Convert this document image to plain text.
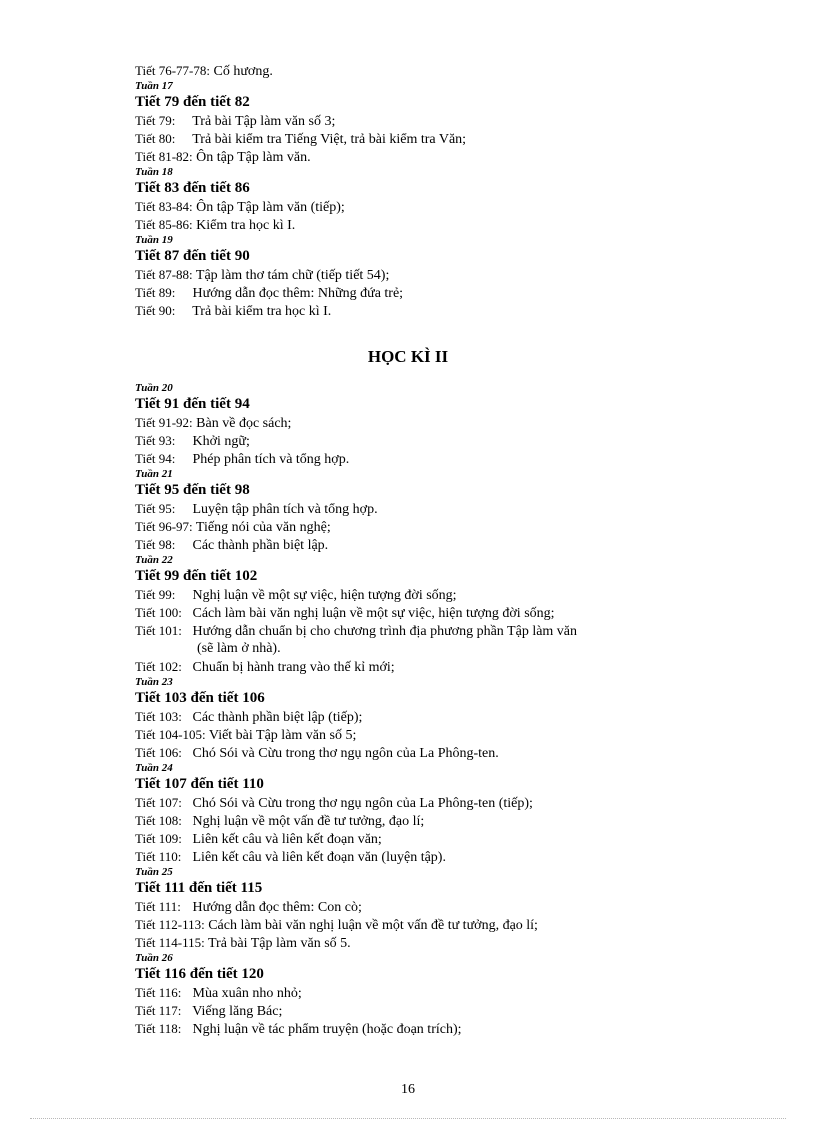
Tiết 76-77-78: Cố hương.
Tuần 17
Tiết 79 đến tiết 82
Tiết 79: Trả bài Tập làm văn số 3;
Tiết 80: Trả bài kiểm tra Tiếng Việt, trả bài kiểm tra Văn;
Tiết 81-82: Ôn tập Tập làm văn.
Tuần 18
Tiết 83 đến tiết 86
Tiết 83-84: Ôn tập Tập làm văn (tiếp);
Tiết 85-86: Kiểm tra học kì I.
Tuần 19
Tiết 87 đến tiết 90
Tiết 87-88: Tập làm thơ tám chữ (tiếp tiết 54);
Tiết 89: Hướng dẫn đọc thêm: Những đứa trẻ;
Tiết 90: Trả bài kiểm tra học kì I.
HỌC KÌ II
Tuần 20
Tiết 91 đến tiết 94
Tiết 91-92: Bàn về đọc sách;
Tiết 93: Khởi ngữ;
Tiết 94: Phép phân tích và tổng hợp.
Tuần 21
Tiết 95 đến tiết 98
Tiết 95: Luyện tập phân tích và tổng hợp.
Tiết 96-97: Tiếng nói của văn nghệ;
Tiết 98: Các thành phần biệt lập.
Tuần 22
Tiết 99 đến tiết 102
Tiết 99: Nghị luận về một sự việc, hiện tượng đời sống;
Tiết 100: Cách làm bài văn nghị luận về một sự việc, hiện tượng đời sống;
Tiết 101: Hướng dẫn chuẩn bị cho chương trình địa phương phần Tập làm văn
(sẽ làm ở nhà).
Tiết 102: Chuẩn bị hành trang vào thế kỉ mới;
Tuần 23
Tiết 103 đến tiết 106
Tiết 103: Các thành phần biệt lập (tiếp);
Tiết 104-105: Viết bài Tập làm văn số 5;
Tiết 106: Chó Sói và Cừu trong thơ ngụ ngôn của La Phông-ten.
Tuần 24
Tiết 107 đến tiết 110
Tiết 107: Chó Sói và Cừu trong thơ ngụ ngôn của La Phông-ten (tiếp);
Tiết 108: Nghị luận về một vấn đề tư tưởng, đạo lí;
Tiết 109: Liên kết câu và liên kết đoạn văn;
Tiết 110: Liên kết câu và liên kết đoạn văn (luyện tập).
Tuần 25
Tiết 111 đến tiết 115
Tiết 111: Hướng dẫn đọc thêm: Con cò;
Tiết 112-113: Cách làm bài văn nghị luận về một vấn đề tư tưởng, đạo lí;
Tiết 114-115: Trả bài Tập làm văn số 5.
Tuần 26
Tiết 116 đến tiết 120
Tiết 116: Mùa xuân nho nhỏ;
Tiết 117: Viếng lăng Bác;
Tiết 118: Nghị luận về tác phẩm truyện (hoặc đoạn trích);
16
